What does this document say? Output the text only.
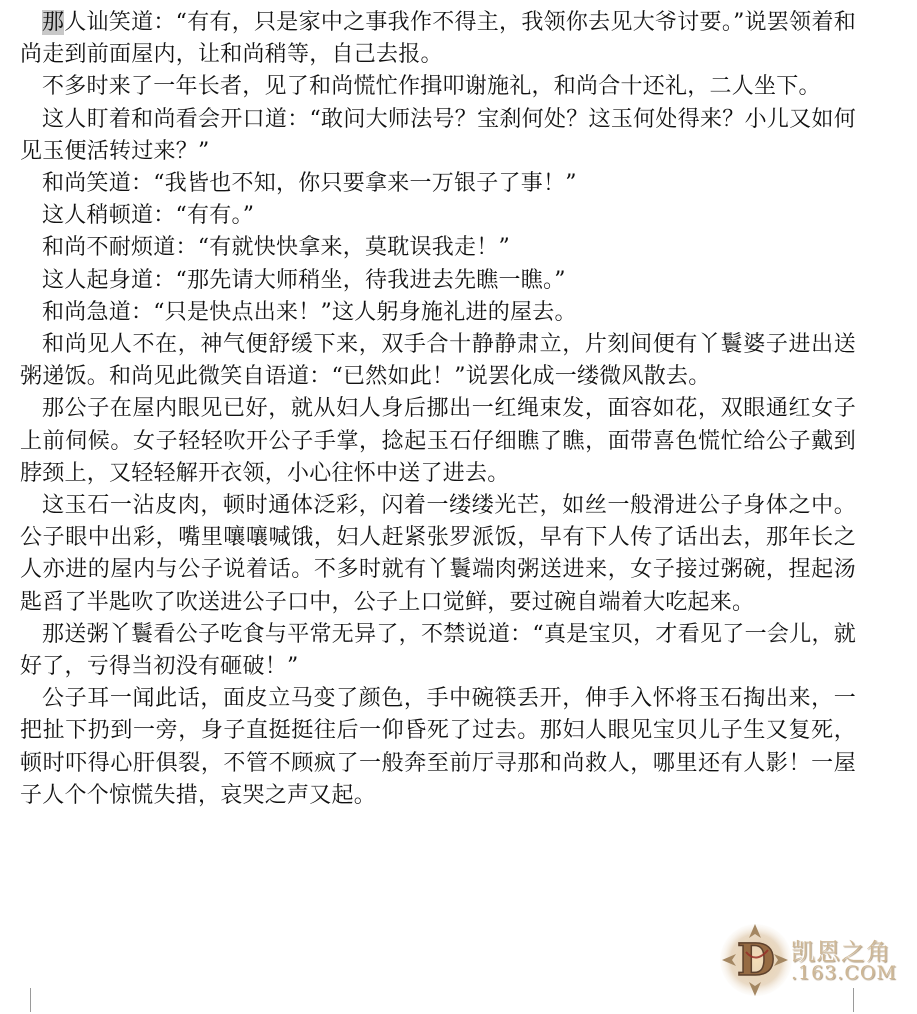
那人讪笑道：“有有，只是家中之事我作不得主，我领你去见大爷讨要。”说罢领着和尚走到前面屋内，让和尚稍等，自己去报。

不多时来了一年长者，见了和尚慌忙作揖叩谢施礼，和尚合十还礼，二人坐下。

这人盯着和尚看会开口道：“敢问大师法号？宝刹何处？这玉何处得来？小儿又如何见玉便活转过来？”

和尚笑道：“我皆也不知，你只要拿来一万银子了事！”

这人稍顿道：“有有。”

和尚不耐烦道：“有就快快拿来，莫耽误我走！”

这人起身道：“那先请大师稍坐，待我进去先瞧一瞧。”

和尚急道：“只是快点出来！”这人躬身施礼进的屋去。

和尚见人不在，神气便舒缓下来，双手合十静静肃立，片刻间便有丫鬟婆子进出送粥递饭。和尚见此微笑自语道：“已然如此！”说罢化成一缕微风散去。

那公子在屋内眼见已好，就从妇人身后挪出一红绳束发，面容如花，双眼通红女子上前伺候。女子轻轻吹开公子手掌，捻起玉石仔细瞧了瞧，面带喜色慌忙给公子戴到脖颈上，又轻轻解开衣领，小心往怀中送了进去。

这玉石一沾皮肉，顿时通体泛彩，闪着一缕缕光芒，如丝一般滑进公子身体之中。公子眼中出彩，嘴里嚷嚷喊饿，妇人赶紧张罗派饭，早有下人传了话出去，那年长之人亦进的屋内与公子说着话。不多时就有丫鬟端肉粥送进来，女子接过粥碗，捏起汤匙舀了半匙吹了吹送进公子口中，公子上口觉鲜，要过碗自端着大吃起来。

那送粥丫鬟看公子吃食与平常无异了，不禁说道：“真是宝贝，才看见了一会儿，就好了，亏得当初没有砸破！”

公子耳一闻此话，面皮立马变了颜色，手中碗筷丢开，伸手入怀将玉石掏出来，一把扯下扔到一旁，身子直挺挺往后一仰昏死了过去。那妇人眼见宝贝儿子生又复死，顿时吓得心肝俱裂，不管不顾疯了一般奔至前厅寻那和尚救人，哪里还有人影！一屋子人个个惊慌失措，哀哭之声又起。

D 凯恩之角
.163.COM
